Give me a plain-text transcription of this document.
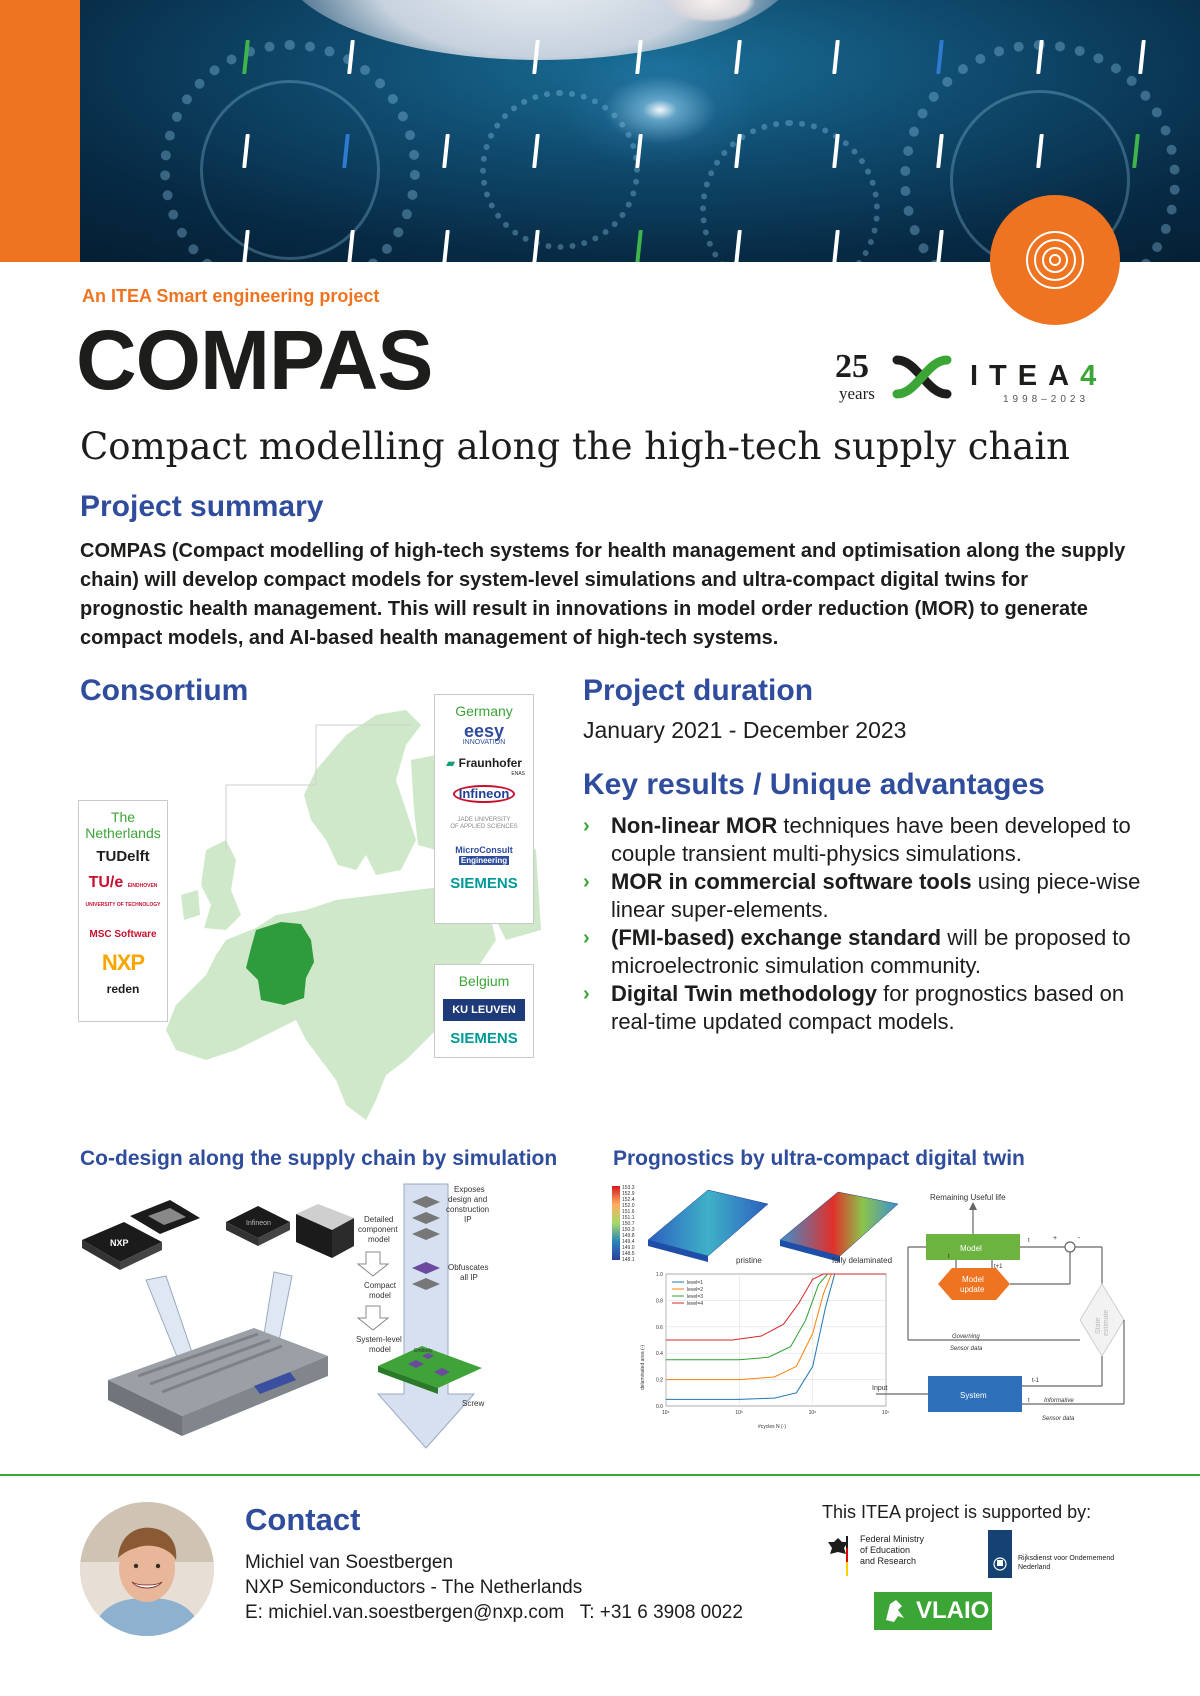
An ITEA Smart engineering project
COMPAS
Compact modelling along the high-tech supply chain
25
years
ITEA4
1998–2023
Project summary
COMPAS (Compact modelling of high-tech systems for health management and optimisation along the supply chain) will develop compact models for system-level simulations and ultra-compact digital twins for prognostic health management. This will result in innovations in model order reduction (MOR) to generate compact models, and AI-based health management of high-tech systems.
Consortium
The Netherlands
TUDelft
TU/e EINDHOVEN UNIVERSITY OF TECHNOLOGY
MSC Software
NXP
reden
Germany
eesy
INNOVATION
▰ Fraunhofer
ENAS
Infineon
JADE UNIVERSITY
OF APPLIED SCIENCES
MicroConsult
Engineering
SIEMENS
Belgium
KU LEUVEN
SIEMENS
Project duration
January 2021 - December 2023
Key results / Unique advantages
› Non-linear MOR techniques have been developed to couple transient multi-physics simulations.
› MOR in commercial software tools using piece-wise linear super-elements.
› (FMI-based) exchange standard will be proposed to microelectronic simulation community.
› Digital Twin methodology for prognostics based on real-time updated compact models.
Co-design along the supply chain by simulation	Prognostics by ultra-compact digital twin
NXP
Infineon	Detailed component model
Compact model
System-level model
Exposes design and construction IP
Obfuscates all IP
Embody
Screw
153.3
152.9
152.4
152.0
151.6
151.1
150.7
150.3
149.8
149.4
149.0
148.5
148.1	pristine	fully delaminated
10⁴	10⁵	10⁶	10⁷
0.0
0.2
0.4
0.6
0.8
1.0
level=1
level=2
level=3
level=4
#cycles N (-)
delaminated area (-)
Remaining Useful life
Model
Model update
t
t+1
t	+	-
State estimate
Governing Sensor data
System
Input
t-1
t	Informative Sensor data
Contact
Michiel van Soestbergen
NXP Semiconductors - The Netherlands
E: michiel.van.soestbergen@nxp.com   T: +31 6 3908 0022
This ITEA project is supported by:
Federal Ministry
of Education
and Research	Rijksdienst voor Ondernemend
Nederland
VLAIO
